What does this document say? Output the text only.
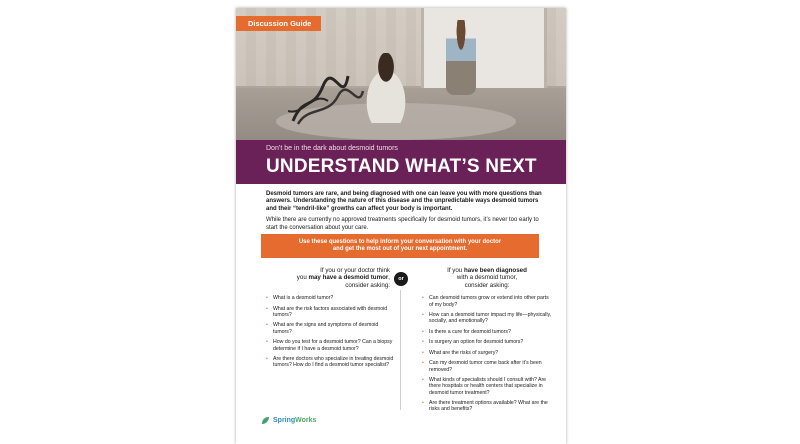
Discussion Guide
Don’t be in the dark about desmoid tumors
UNDERSTAND WHAT’S NEXT

Desmoid tumors are rare, and being diagnosed with one can leave you with more questions than answers. Understanding the nature of this disease and the unpredictable ways desmoid tumors and their “tendril-like” growths can affect your body is important.

While there are currently no approved treatments specifically for desmoid tumors, it’s never too early to start the conversation about your care.

Use these questions to help inform your conversation with your doctor
and get the most out of your next appointment.
If you or your doctor think
you may have a desmoid tumor,
consider asking:
• What is a desmoid tumor?
• What are the risk factors associated with desmoid tumors?
• What are the signs and symptoms of desmoid tumors?
• How do you test for a desmoid tumor? Can a biopsy determine if I have a desmoid tumor?
• Are there doctors who specialize in treating desmoid tumors? How do I find a desmoid tumor specialist?
or
If you have been diagnosed
with a desmoid tumor,
consider asking:
• Can desmoid tumors grow or extend into other parts of my body?
• How can a desmoid tumor impact my life—physically, socially, and emotionally?
• Is there a cure for desmoid tumors?
• Is surgery an option for desmoid tumors?
• What are the risks of surgery?
• Can my desmoid tumor come back after it’s been removed?
• What kinds of specialists should I consult with? Are there hospitals or health centers that specialize in desmoid tumor treatment?
• Are there treatment options available? What are the risks and benefits?
SpringWorks
